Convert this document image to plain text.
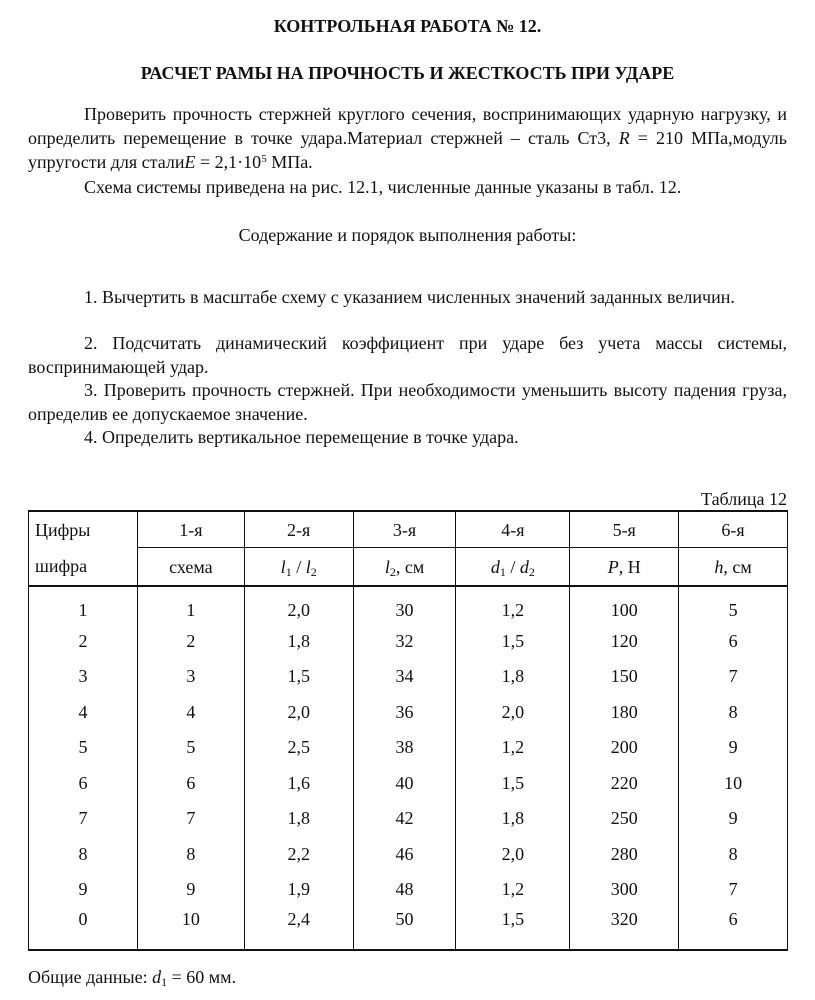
КОНТРОЛЬНАЯ РАБОТА № 12.
РАСЧЕТ РАМЫ НА ПРОЧНОСТЬ И ЖЕСТКОСТЬ ПРИ УДАРЕ
Проверить прочность стержней круглого сечения, воспринимающих ударную нагрузку, и определить перемещение в точке удара.Материал стержней – сталь Ст3, R = 210 МПа,модуль упругости для сталиE = $2,1\cdot 10^5$ МПа.
Схема системы приведена на рис. 12.1, численные данные указаны в табл. 12.
Содержание и порядок выполнения работы:
1. Вычертить в масштабе схему с указанием численных значений заданных величин.
2. Подсчитать динамический коэффициент при ударе без учета массы системы, воспринимающей удар.
3. Проверить прочность стержней. При необходимости уменьшить высоту падения груза, определив ее допускаемое значение.
4. Определить вертикальное перемещение в точке удара.
Таблица 12
Цифры	1-я	2-я	3-я	4-я	5-я	6-я
шифра	схема	$l_1 / l_2$	$l_2$, см	$d_1 / d_2$	P, Н	h, см
1	1	2,0	30	1,2	100	5
2	2	1,8	32	1,5	120	6
3	3	1,5	34	1,8	150	7
4	4	2,0	36	2,0	180	8
5	5	2,5	38	1,2	200	9
6	6	1,6	40	1,5	220	10
7	7	1,8	42	1,8	250	9
8	8	2,2	46	2,0	280	8
9	9	1,9	48	1,2	300	7
0	10	2,4	50	1,5	320	6
Общие данные: $d_1 = 60$ мм.
